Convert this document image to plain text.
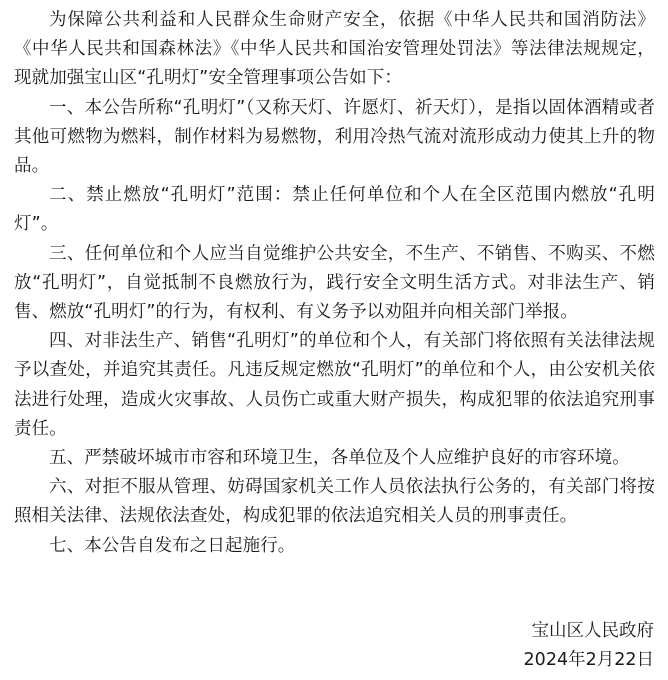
为保障公共利益和人民群众生命财产安全，依据《中华人民共和国消防法》《中华人民共和国森林法》《中华人民共和国治安管理处罚法》等法律法规规定，现就加强宝山区“孔明灯”安全管理事项公告如下：

一、本公告所称“孔明灯”（又称天灯、许愿灯、祈天灯），是指以固体酒精或者其他可燃物为燃料，制作材料为易燃物，利用冷热气流对流形成动力使其上升的物品。

二、禁止燃放“孔明灯”范围：禁止任何单位和个人在全区范围内燃放“孔明灯”。

三、任何单位和个人应当自觉维护公共安全，不生产、不销售、不购买、不燃放“孔明灯”，自觉抵制不良燃放行为，践行安全文明生活方式。对非法生产、销售、燃放“孔明灯”的行为，有权利、有义务予以劝阻并向相关部门举报。

四、对非法生产、销售“孔明灯”的单位和个人，有关部门将依照有关法律法规予以查处，并追究其责任。凡违反规定燃放“孔明灯”的单位和个人，由公安机关依法进行处理，造成火灾事故、人员伤亡或重大财产损失，构成犯罪的依法追究刑事责任。

五、严禁破坏城市市容和环境卫生，各单位及个人应维护良好的市容环境。

六、对拒不服从管理、妨碍国家机关工作人员依法执行公务的，有关部门将按照相关法律、法规依法查处，构成犯罪的依法追究相关人员的刑事责任。

七、本公告自发布之日起施行。

宝山区人民政府
2024年2月22日
